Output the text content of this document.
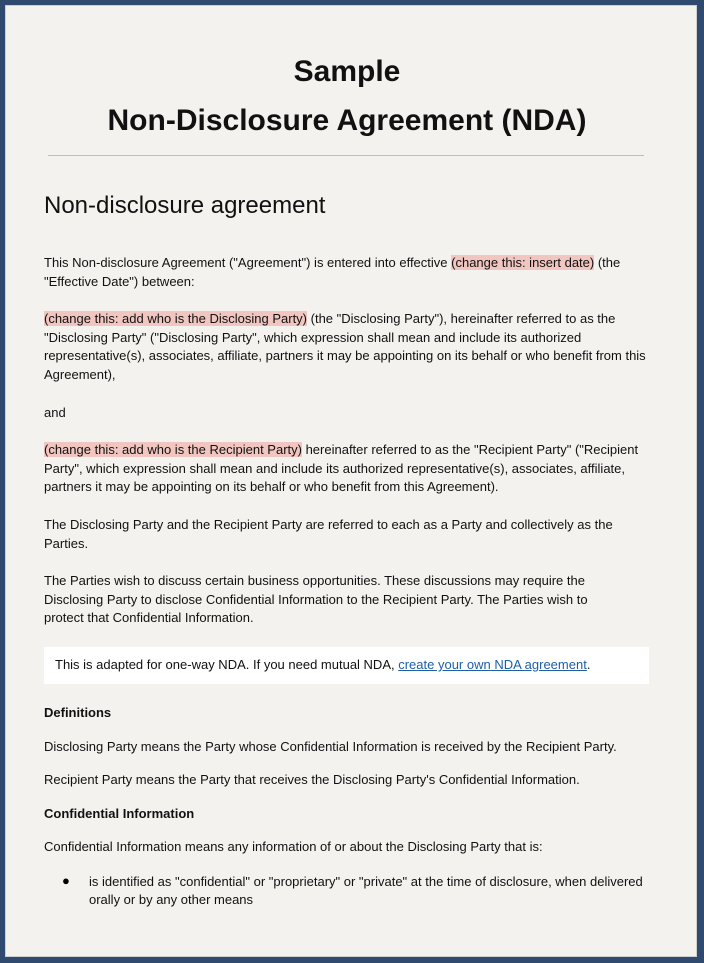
Sample
Non-Disclosure Agreement (NDA)
Non-disclosure agreement
This Non-disclosure Agreement ("Agreement") is entered into effective (change this: insert date) (the "Effective Date") between:
(change this: add who is the Disclosing Party) (the "Disclosing Party"), hereinafter referred to as the "Disclosing Party" ("Disclosing Party", which expression shall mean and include its authorized representative(s), associates, affiliate, partners it may be appointing on its behalf or who benefit from this Agreement),
and
(change this: add who is the Recipient Party) hereinafter referred to as the "Recipient Party" ("Recipient Party", which expression shall mean and include its authorized representative(s), associates, affiliate, partners it may be appointing on its behalf or who benefit from this Agreement).
The Disclosing Party and the Recipient Party are referred to each as a Party and collectively as the Parties.
The Parties wish to discuss certain business opportunities. These discussions may require the Disclosing Party to disclose Confidential Information to the Recipient Party. The Parties wish to protect that Confidential Information.
This is adapted for one-way NDA. If you need mutual NDA, create your own NDA agreement.
Definitions
Disclosing Party means the Party whose Confidential Information is received by the Recipient Party.
Recipient Party means the Party that receives the Disclosing Party's Confidential Information.
Confidential Information
Confidential Information means any information of or about the Disclosing Party that is:
● is identified as "confidential" or "proprietary" or "private" at the time of disclosure, when delivered orally or by any other means
